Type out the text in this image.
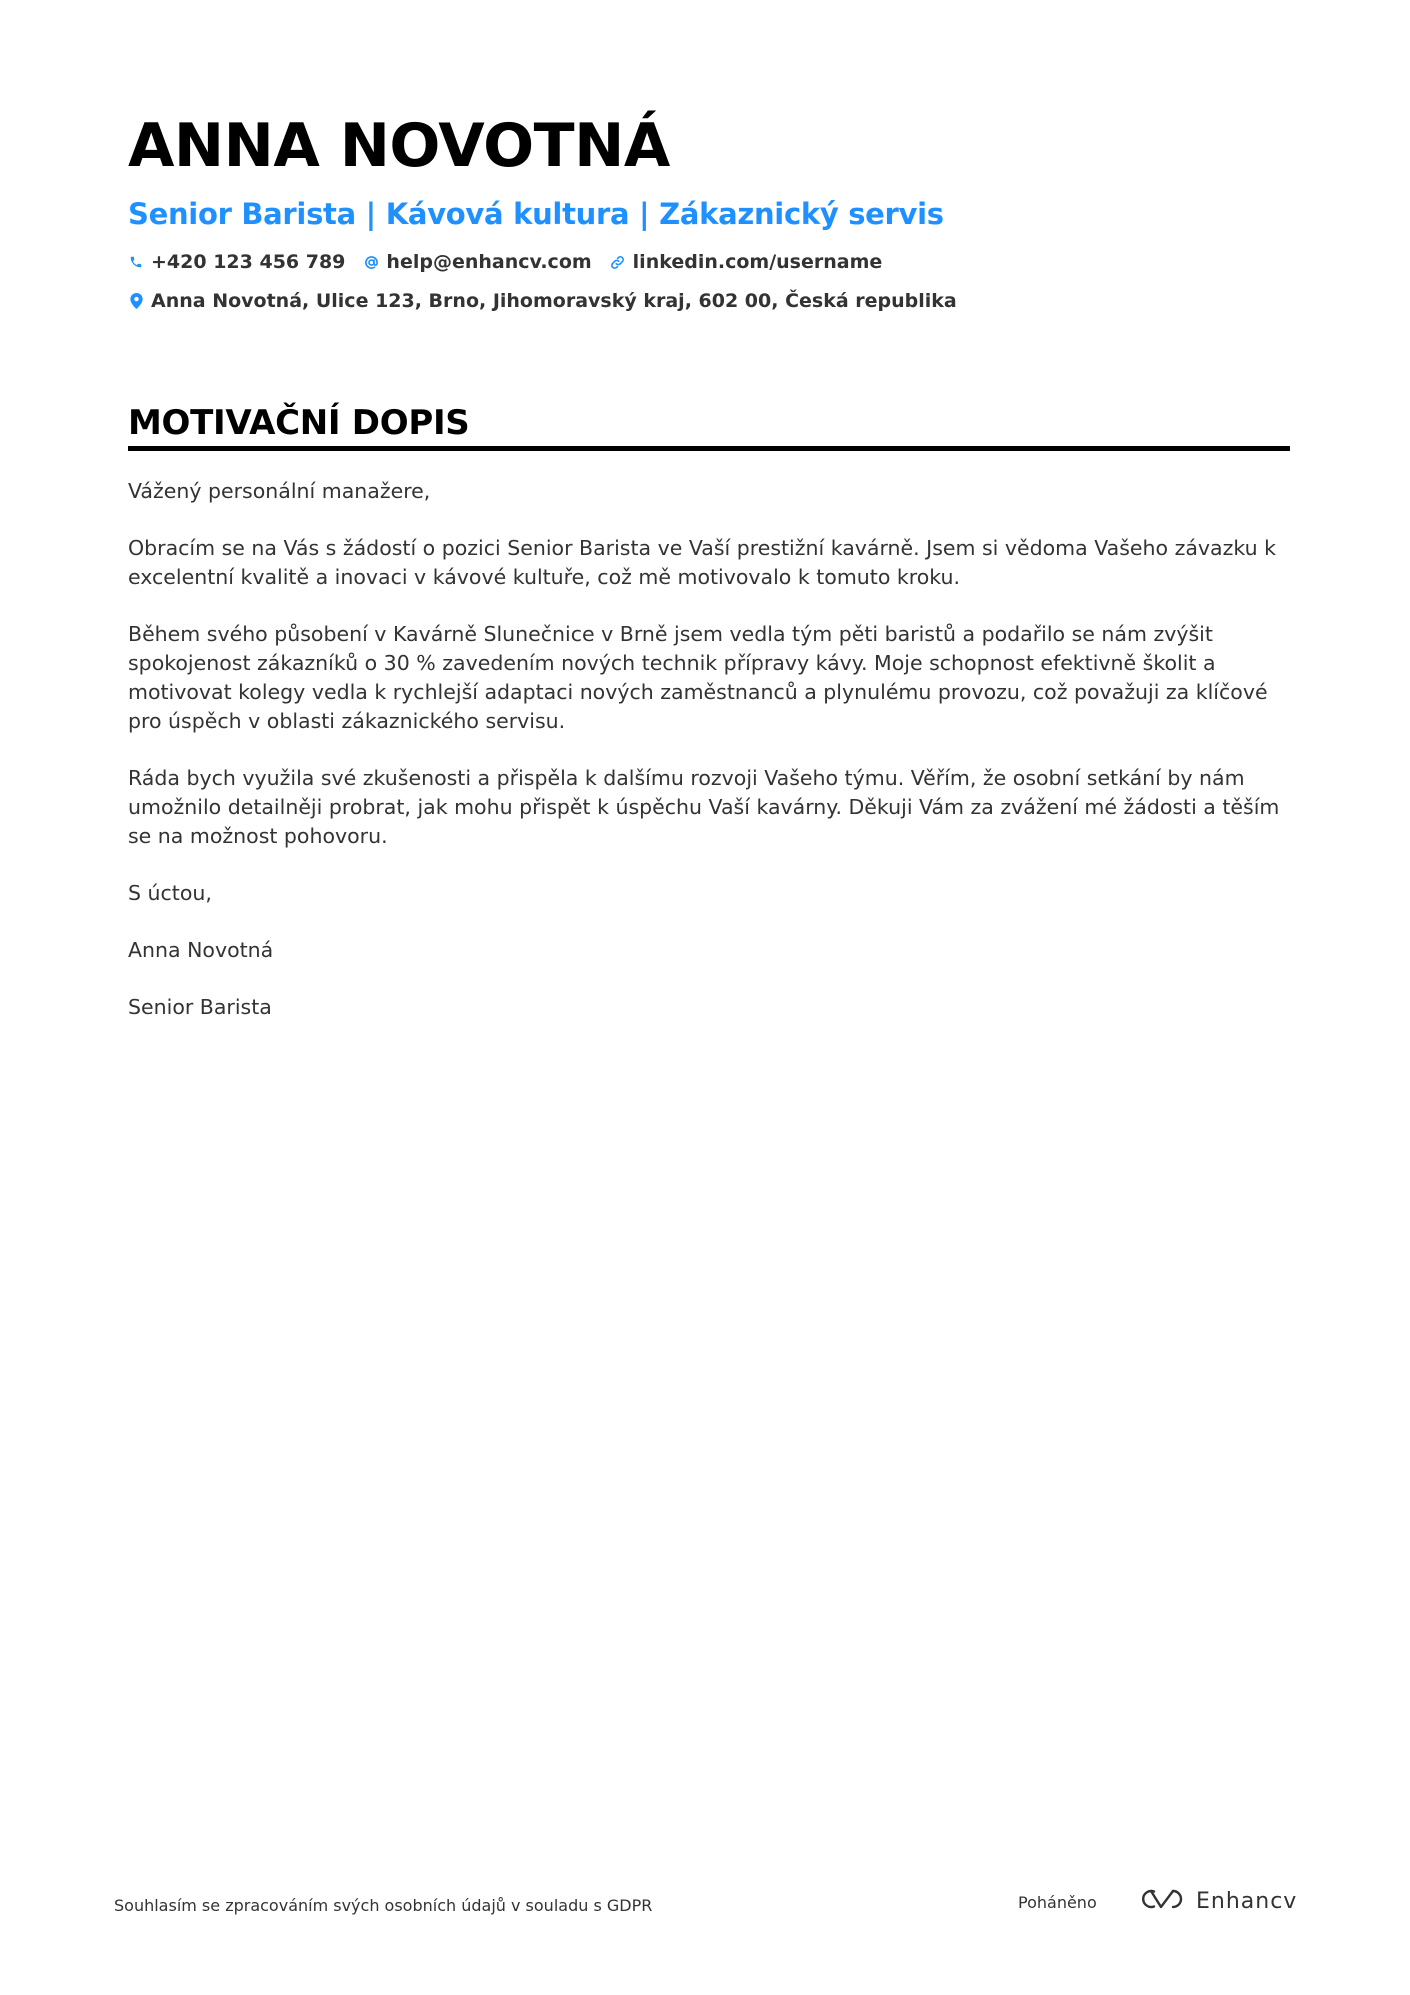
ANNA NOVOTNÁ
Senior Barista | Kávová kultura | Zákaznický servis
+420 123 456 789 help@enhancv.com linkedin.com/username
Anna Novotná, Ulice 123, Brno, Jihomoravský kraj, 602 00, Česká republika
MOTIVAČNÍ DOPIS

Vážený personální manažere,

Obracím se na Vás s žádostí o pozici Senior Barista ve Vaší prestižní kavárně. Jsem si vědoma Vašeho závazku k excelentní kvalitě a inovaci v kávové kultuře, což mě motivovalo k tomuto kroku.

Během svého působení v Kavárně Slunečnice v Brně jsem vedla tým pěti baristů a podařilo se nám zvýšit spokojenost zákazníků o 30 % zavedením nových technik přípravy kávy. Moje schopnost efektivně školit a motivovat kolegy vedla k rychlejší adaptaci nových zaměstnanců a plynulému provozu, což považuji za klíčové pro úspěch v oblasti zákaznického servisu.

Ráda bych využila své zkušenosti a přispěla k dalšímu rozvoji Vašeho týmu. Věřím, že osobní setkání by nám umožnilo detailněji probrat, jak mohu přispět k úspěchu Vaší kavárny. Děkuji Vám za zvážení mé žádosti a těším se na možnost pohovoru.

S úctou,

Anna Novotná

Senior Barista

Souhlasím se zpracováním svých osobních údajů v souladu s GDPR	Poháněno	Enhancv
